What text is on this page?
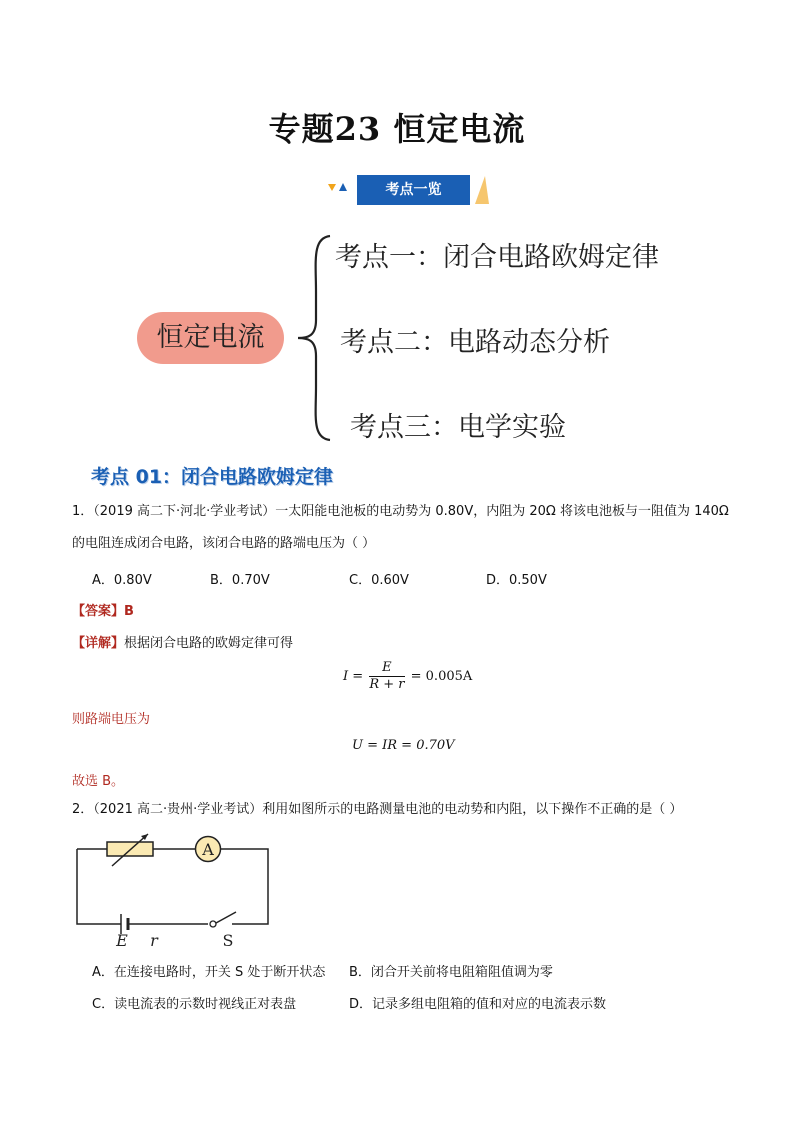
专题23 恒定电流
考点一览
恒定电流
考点一：闭合电路欧姆定律
考点二：电路动态分析
考点三：电学实验
考点 01：闭合电路欧姆定律
1．（2019 高二下·河北·学业考试）一太阳能电池板的电动势为 0.80V，内阻为 20Ω 将该电池板与一阻值为 140Ω
的电阻连成闭合电路，该闭合电路的路端电压为（ ）
A．0.80V	B．0.70V	C．0.60V	D．0.50V
【答案】B
【详解】根据闭合电路的欧姆定律可得
$I = \frac{E}{R + r} = 0.005A$
则路端电压为
U = IR = 0.70V
故选 B。
2．（2021 高二·贵州·学业考试）利用如图所示的电路测量电池的电动势和内阻，以下操作不正确的是（ ）
A
E r	S
A．在连接电路时，开关 S 处于断开状态 B．闭合开关前将电阻箱阻值调为零
C．读电流表的示数时视线正对表盘	D．记录多组电阻箱的值和对应的电流表示数
